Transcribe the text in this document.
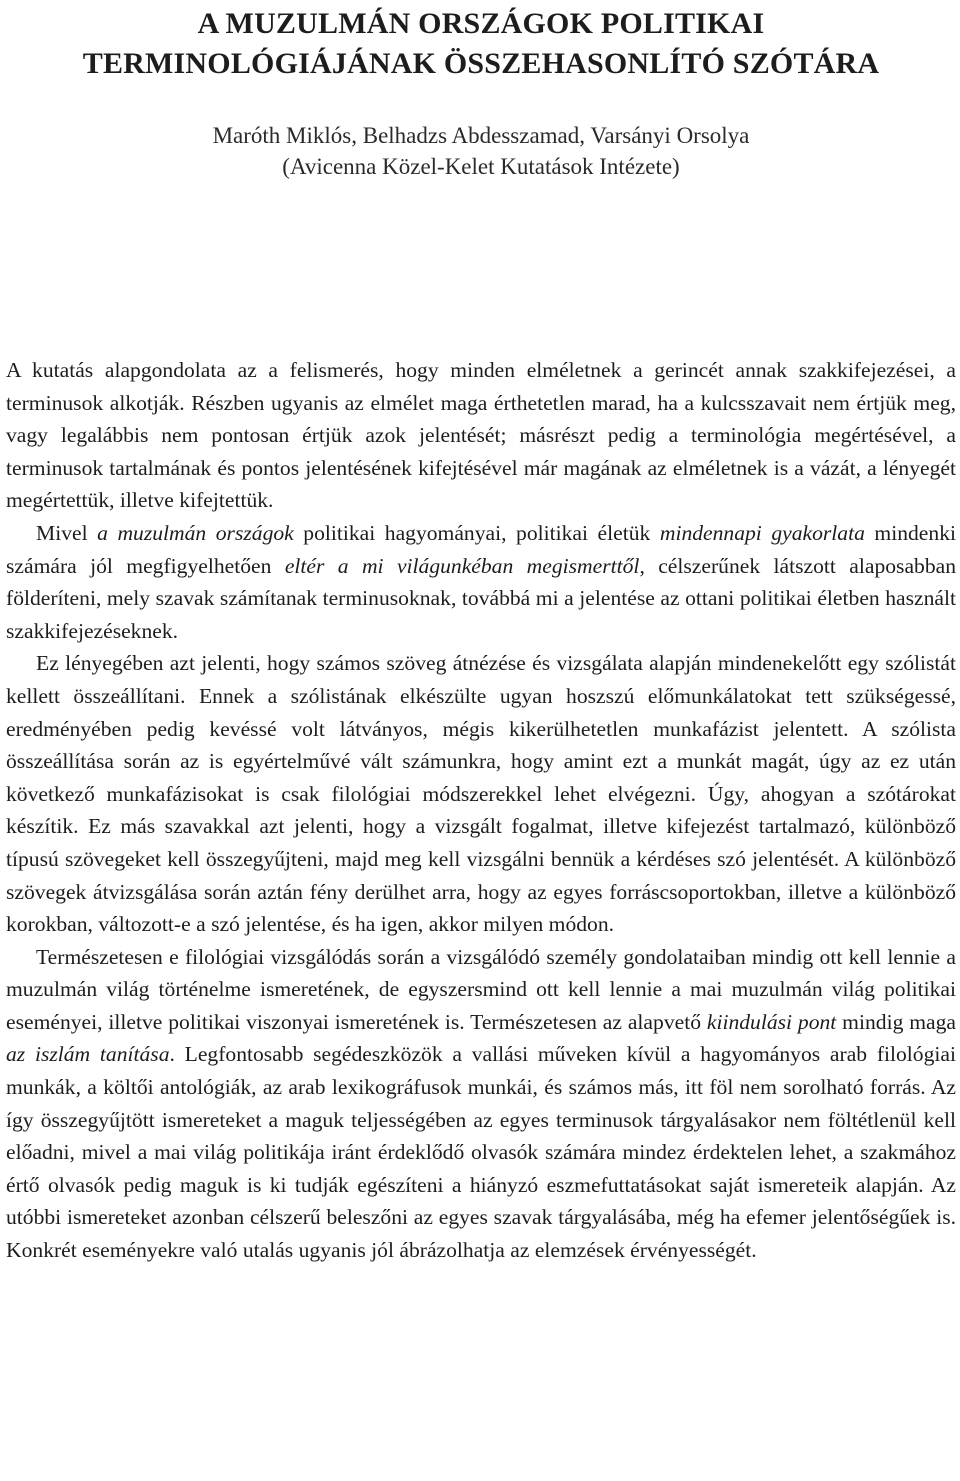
A MUZULMÁN ORSZÁGOK POLITIKAI
TERMINOLÓGIÁJÁNAK ÖSSZEHASONLÍTÓ SZÓTÁRA
Maróth Miklós, Belhadzs Abdesszamad, Varsányi Orsolya
(Avicenna Közel-Kelet Kutatások Intézete)

A kutatás alapgondolata az a felismerés, hogy minden elméletnek a gerincét annak szakkifejezései, a terminusok alkotják. Részben ugyanis az elmélet maga érthetetlen marad, ha a kulcsszavait nem értjük meg, vagy legalábbis nem pontosan értjük azok jelentését; másrészt pedig a terminológia megértésével, a terminusok tartalmának és pontos jelentésének kifejtésével már magának az elméletnek is a vázát, a lényegét megértettük, illetve kifejtettük.

Mivel a muzulmán országok politikai hagyományai, politikai életük mindennapi gyakorlata mindenki számára jól megfigyelhetően eltér a mi világunkéban megismerttől, célszerűnek látszott alaposabban földeríteni, mely szavak számítanak terminusoknak, továbbá mi a jelentése az ottani politikai életben használt szakkifejezéseknek.

Ez lényegében azt jelenti, hogy számos szöveg átnézése és vizsgálata alapján mindenekelőtt egy szólistát kellett összeállítani. Ennek a szólistának elkészülte ugyan hoszszú előmunkálatokat tett szükségessé, eredményében pedig kevéssé volt látványos, mégis kikerülhetetlen munkafázist jelentett. A szólista összeállítása során az is egyértelművé vált számunkra, hogy amint ezt a munkát magát, úgy az ez után következő munkafázisokat is csak filológiai módszerekkel lehet elvégezni. Úgy, ahogyan a szótárokat készítik. Ez más szavakkal azt jelenti, hogy a vizsgált fogalmat, illetve kifejezést tartalmazó, különböző típusú szövegeket kell összegyűjteni, majd meg kell vizsgálni bennük a kérdéses szó jelentését. A különböző szövegek átvizsgálása során aztán fény derülhet arra, hogy az egyes forráscsoportokban, illetve a különböző korokban, változott-e a szó jelentése, és ha igen, akkor milyen módon.

Természetesen e filológiai vizsgálódás során a vizsgálódó személy gondolataiban mindig ott kell lennie a muzulmán világ történelme ismeretének, de egyszersmind ott kell lennie a mai muzulmán világ politikai eseményei, illetve politikai viszonyai ismeretének is. Természetesen az alapvető kiindulási pont mindig maga az iszlám tanítása. Legfontosabb segédeszközök a vallási műveken kívül a hagyományos arab filológiai munkák, a költői antológiák, az arab lexikográfusok munkái, és számos más, itt föl nem sorolható forrás. Az így összegyűjtött ismereteket a maguk teljességében az egyes terminusok tárgyalásakor nem föltétlenül kell előadni, mivel a mai világ politikája iránt érdeklődő olvasók számára mindez érdektelen lehet, a szakmához értő olvasók pedig maguk is ki tudják egészíteni a hiányzó eszmefuttatásokat saját ismereteik alapján. Az utóbbi ismereteket azonban célszerű beleszőni az egyes szavak tárgyalásába, még ha efemer jelentőségűek is. Konkrét eseményekre való utalás ugyanis jól ábrázolhatja az elemzések érvényességét.
